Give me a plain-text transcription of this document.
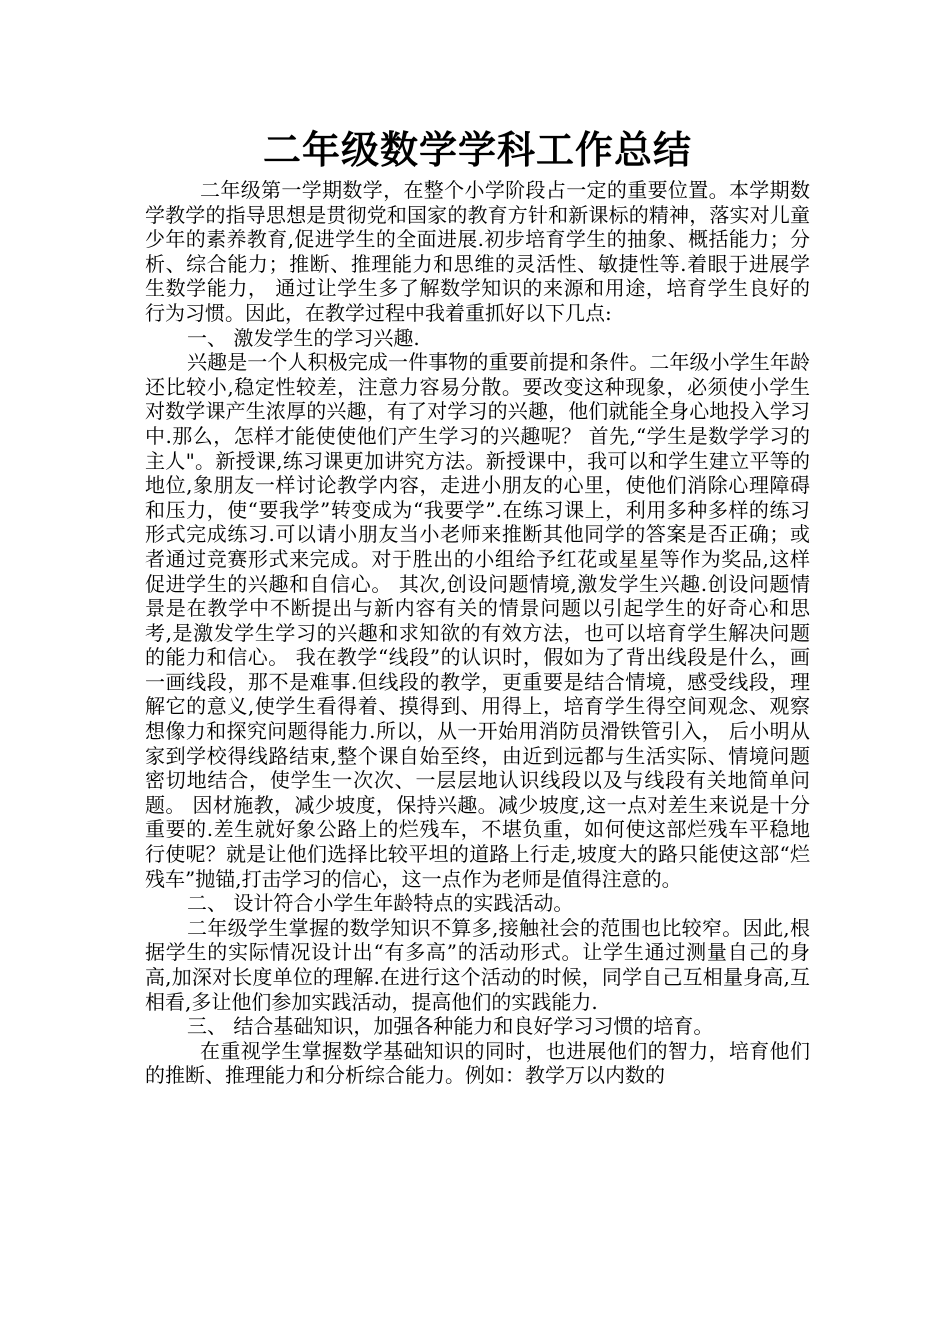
二年级数学学科工作总结

二年级第一学期数学，在整个小学阶段占一定的重要位置。本学期数学教学的指导思想是贯彻党和国家的教育方针和新课标的精神，落实对儿童少年的素养教育,促进学生的全面进展.初步培育学生的抽象、概括能力；分析、综合能力；推断、推理能力和思维的灵活性、敏捷性等.着眼于进展学生数学能力， 通过让学生多了解数学知识的来源和用途，培育学生良好的行为习惯。因此，在教学过程中我着重抓好以下几点:

一、 激发学生的学习兴趣.

兴趣是一个人积极完成一件事物的重要前提和条件。二年级小学生年龄还比较小,稳定性较差，注意力容易分散。要改变这种现象，必须使小学生对数学课产生浓厚的兴趣，有了对学习的兴趣，他们就能全身心地投入学习中.那么，怎样才能使使他们产生学习的兴趣呢？ 首先,“学生是数学学习的主人"。新授课,练习课更加讲究方法。新授课中，我可以和学生建立平等的地位,象朋友一样讨论教学内容，走进小朋友的心里，使他们消除心理障碍和压力，使“要我学”转变成为“我要学”.在练习课上，利用多种多样的练习形式完成练习.可以请小朋友当小老师来推断其他同学的答案是否正确；或者通过竞赛形式来完成。对于胜出的小组给予红花或星星等作为奖品,这样促进学生的兴趣和自信心。 其次,创设问题情境,激发学生兴趣.创设问题情景是在教学中不断提出与新内容有关的情景问题以引起学生的好奇心和思考,是激发学生学习的兴趣和求知欲的有效方法，也可以培育学生解决问题的能力和信心。 我在教学“线段”的认识时，假如为了背出线段是什么，画一画线段，那不是难事.但线段的教学，更重要是结合情境，感受线段，理解它的意义,使学生看得着、摸得到、用得上，培育学生得空间观念、观察想像力和探究问题得能力.所以，从一开始用消防员滑铁管引入， 后小明从家到学校得线路结束,整个课自始至终，由近到远都与生活实际、情境问题密切地结合，使学生一次次、一层层地认识线段以及与线段有关地简单问题。 因材施教，减少坡度，保持兴趣。减少坡度,这一点对差生来说是十分重要的.差生就好象公路上的烂残车，不堪负重，如何使这部烂残车平稳地行使呢？就是让他们选择比较平坦的道路上行走,坡度大的路只能使这部“烂残车”抛锚,打击学习的信心，这一点作为老师是值得注意的。

二、 设计符合小学生年龄特点的实践活动。

二年级学生掌握的数学知识不算多,接触社会的范围也比较窄。因此,根据学生的实际情况设计出“有多高”的活动形式。让学生通过测量自己的身高,加深对长度单位的理解.在进行这个活动的时候，同学自己互相量身高,互相看,多让他们参加实践活动，提高他们的实践能力.

三、 结合基础知识，加强各种能力和良好学习习惯的培育。

在重视学生掌握数学基础知识的同时，也进展他们的智力，培育他们的推断、推理能力和分析综合能力。例如：教学万以内数的
